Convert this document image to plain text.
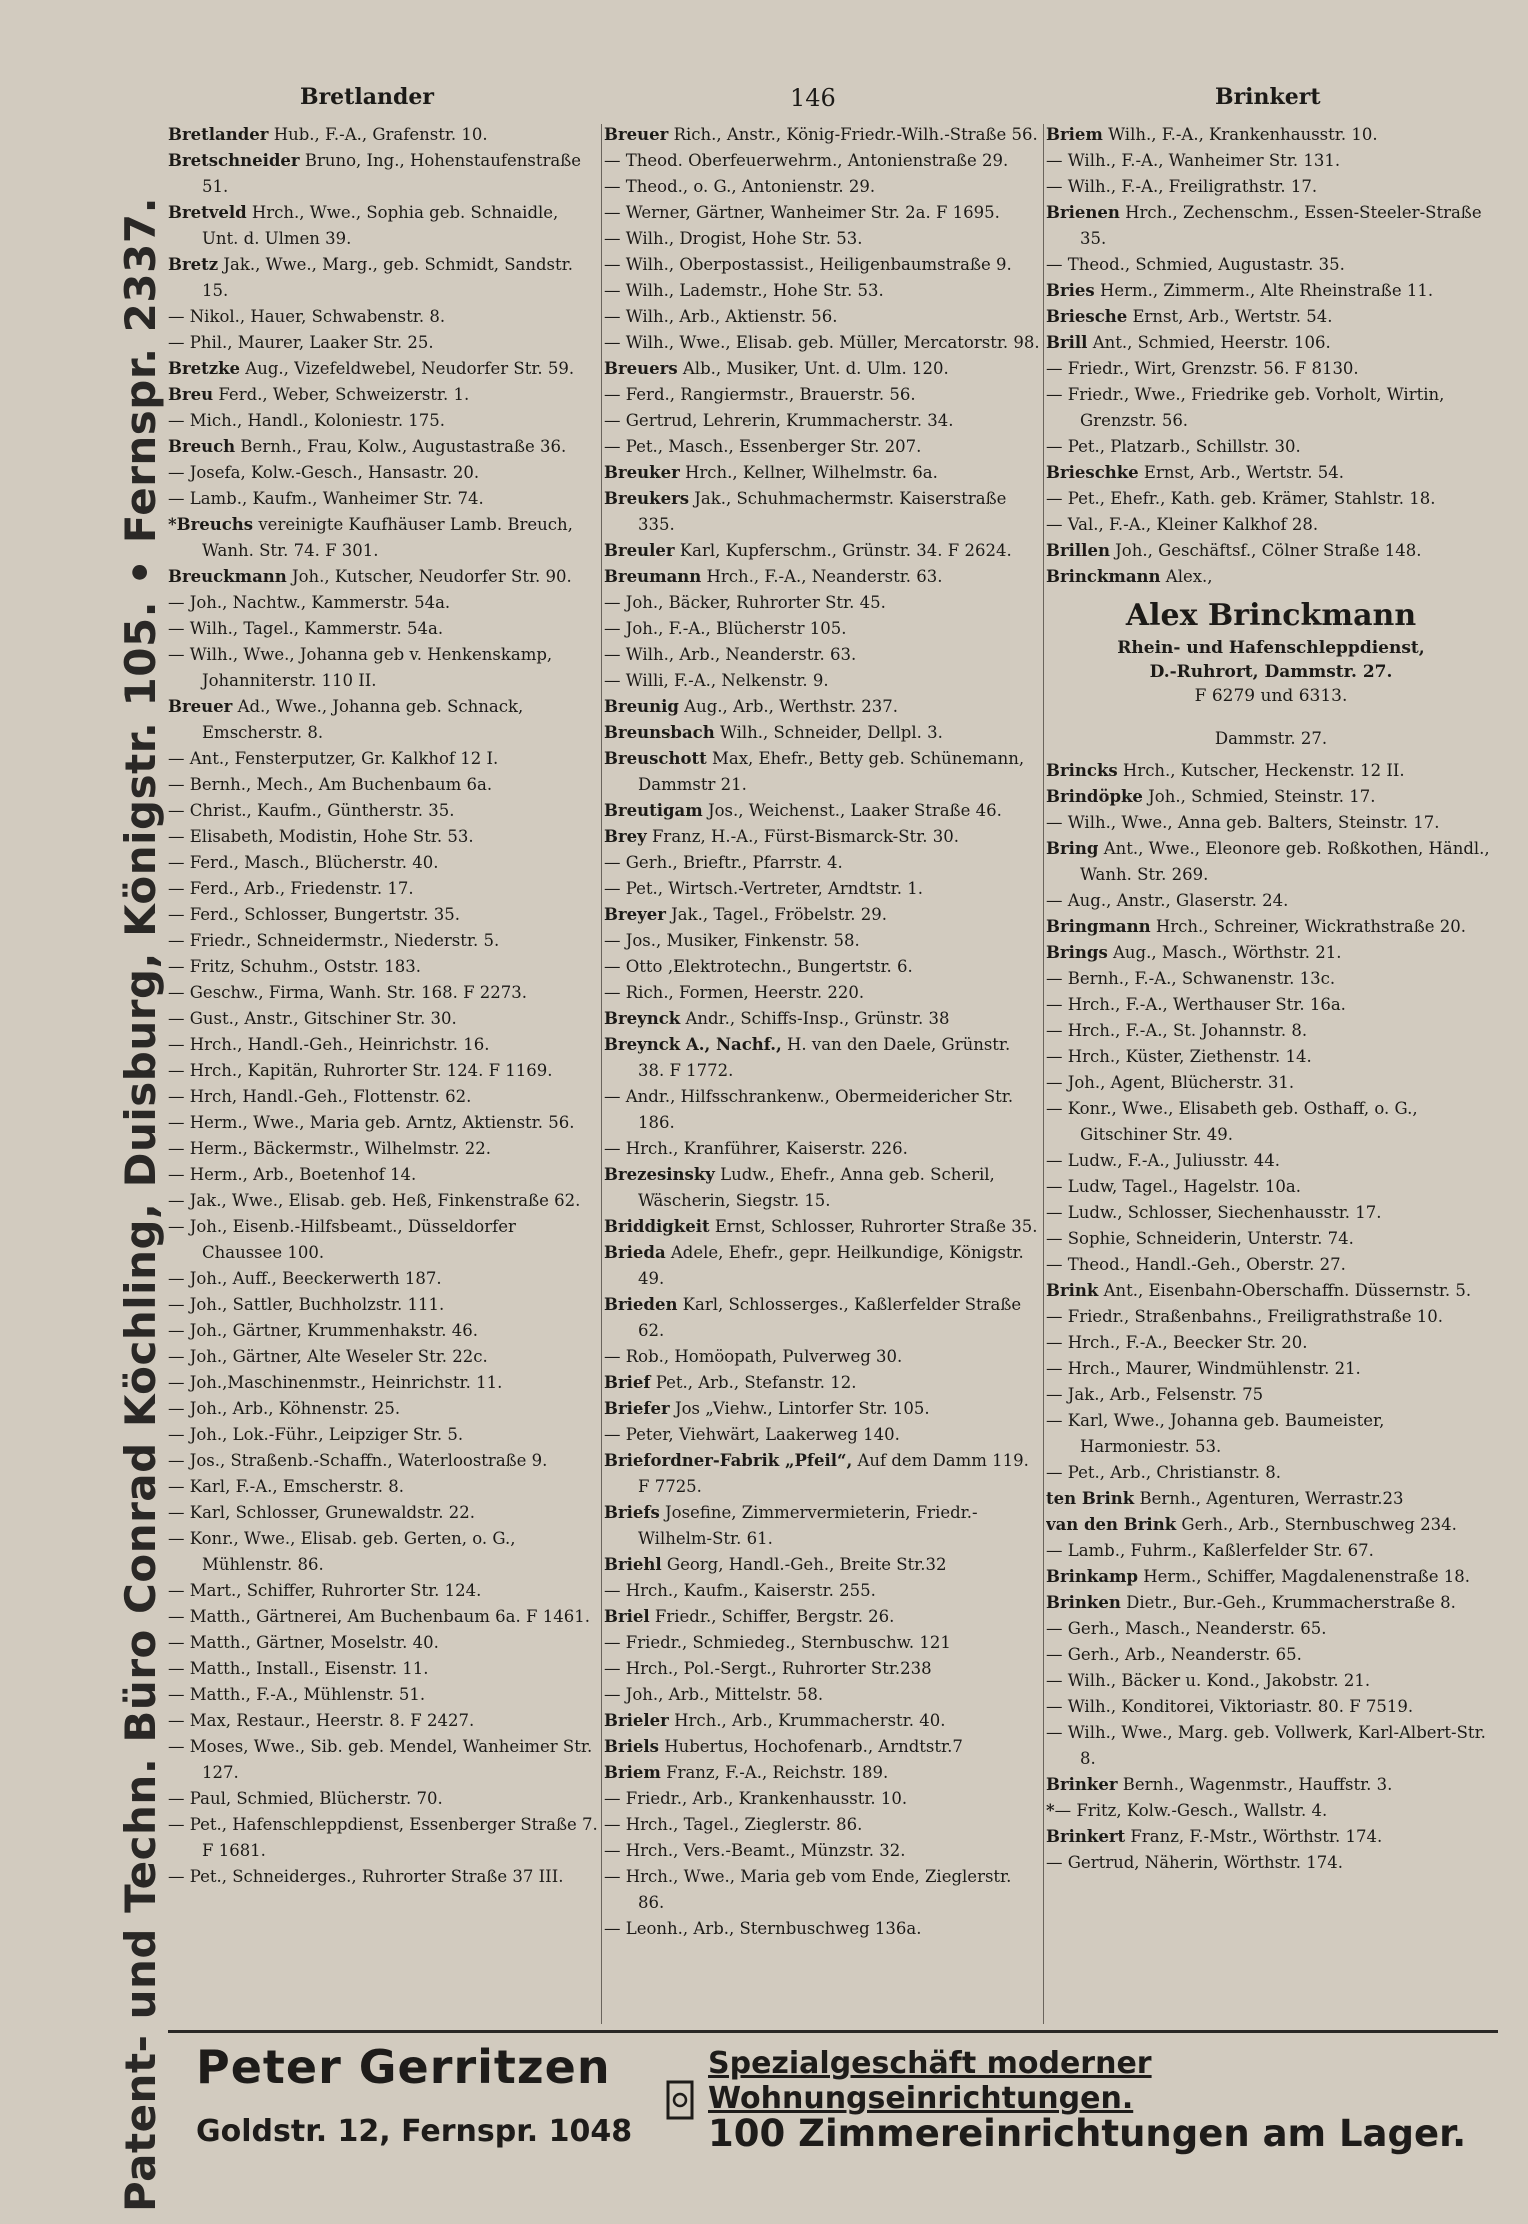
Patent- und Techn. Büro Conrad Köchling, Duisburg, Königstr. 105. • Fernspr. 2337.
Bretlander	146	Brinkert
Bretlander Hub., F.-A., Grafenstr. 10.
Bretschneider Bruno, Ing., Hohenstaufenstraße 51.
Bretveld Hrch., Wwe., Sophia geb. Schnaidle, Unt. d. Ulmen 39.
Bretz Jak., Wwe., Marg., geb. Schmidt, Sandstr. 15.
— Nikol., Hauer, Schwabenstr. 8.
— Phil., Maurer, Laaker Str. 25.
Bretzke Aug., Vizefeldwebel, Neudorfer Str. 59.
Breu Ferd., Weber, Schweizerstr. 1.
— Mich., Handl., Koloniestr. 175.
Breuch Bernh., Frau, Kolw., Augustastraße 36.
— Josefa, Kolw.-Gesch., Hansastr. 20.
— Lamb., Kaufm., Wanheimer Str. 74.
*Breuchs vereinigte Kaufhäuser Lamb. Breuch, Wanh. Str. 74. F 301.
Breuckmann Joh., Kutscher, Neudorfer Str. 90.
— Joh., Nachtw., Kammerstr. 54a.
— Wilh., Tagel., Kammerstr. 54a.
— Wilh., Wwe., Johanna geb v. Henkenskamp, Johanniterstr. 110 II.
Breuer Ad., Wwe., Johanna geb. Schnack, Emscherstr. 8.
— Ant., Fensterputzer, Gr. Kalkhof 12 I.
— Bernh., Mech., Am Buchenbaum 6a.
— Christ., Kaufm., Güntherstr. 35.
— Elisabeth, Modistin, Hohe Str. 53.
— Ferd., Masch., Blücherstr. 40.
— Ferd., Arb., Friedenstr. 17.
— Ferd., Schlosser, Bungertstr. 35.
— Friedr., Schneidermstr., Niederstr. 5.
— Fritz, Schuhm., Oststr. 183.
— Geschw., Firma, Wanh. Str. 168. F 2273.
— Gust., Anstr., Gitschiner Str. 30.
— Hrch., Handl.-Geh., Heinrichstr. 16.
— Hrch., Kapitän, Ruhrorter Str. 124. F 1169.
— Hrch, Handl.-Geh., Flottenstr. 62.
— Herm., Wwe., Maria geb. Arntz, Aktienstr. 56.
— Herm., Bäckermstr., Wilhelmstr. 22.
— Herm., Arb., Boetenhof 14.
— Jak., Wwe., Elisab. geb. Heß, Finkenstraße 62.
— Joh., Eisenb.-Hilfsbeamt., Düsseldorfer Chaussee 100.
— Joh., Auff., Beeckerwerth 187.
— Joh., Sattler, Buchholzstr. 111.
— Joh., Gärtner, Krummenhakstr. 46.
— Joh., Gärtner, Alte Weseler Str. 22c.
— Joh.,Maschinenmstr., Heinrichstr. 11.
— Joh., Arb., Köhnenstr. 25.
— Joh., Lok.-Führ., Leipziger Str. 5.
— Jos., Straßenb.-Schaffn., Waterloostraße 9.
— Karl, F.-A., Emscherstr. 8.
— Karl, Schlosser, Grunewaldstr. 22.
— Konr., Wwe., Elisab. geb. Gerten, o. G., Mühlenstr. 86.
— Mart., Schiffer, Ruhrorter Str. 124.
— Matth., Gärtnerei, Am Buchenbaum 6a. F 1461.
— Matth., Gärtner, Moselstr. 40.
— Matth., Install., Eisenstr. 11.
— Matth., F.-A., Mühlenstr. 51.
— Max, Restaur., Heerstr. 8. F 2427.
— Moses, Wwe., Sib. geb. Mendel, Wanheimer Str. 127.
— Paul, Schmied, Blücherstr. 70.
— Pet., Hafenschleppdienst, Essenberger Straße 7. F 1681.
— Pet., Schneiderges., Ruhrorter Straße 37 III.
Breuer Rich., Anstr., König-Friedr.-Wilh.-Straße 56.
— Theod. Oberfeuerwehrm., Antonienstraße 29.
— Theod., o. G., Antonienstr. 29.
— Werner, Gärtner, Wanheimer Str. 2a. F 1695.
— Wilh., Drogist, Hohe Str. 53.
— Wilh., Oberpostassist., Heiligenbaumstraße 9.
— Wilh., Lademstr., Hohe Str. 53.
— Wilh., Arb., Aktienstr. 56.
— Wilh., Wwe., Elisab. geb. Müller, Mercatorstr. 98.
Breuers Alb., Musiker, Unt. d. Ulm. 120.
— Ferd., Rangiermstr., Brauerstr. 56.
— Gertrud, Lehrerin, Krummacherstr. 34.
— Pet., Masch., Essenberger Str. 207.
Breuker Hrch., Kellner, Wilhelmstr. 6a.
Breukers Jak., Schuhmachermstr. Kaiserstraße 335.
Breuler Karl, Kupferschm., Grünstr. 34. F 2624.
Breumann Hrch., F.-A., Neanderstr. 63.
— Joh., Bäcker, Ruhrorter Str. 45.
— Joh., F.-A., Blücherstr 105.
— Wilh., Arb., Neanderstr. 63.
— Willi, F.-A., Nelkenstr. 9.
Breunig Aug., Arb., Werthstr. 237.
Breunsbach Wilh., Schneider, Dellpl. 3.
Breuschott Max, Ehefr., Betty geb. Schünemann, Dammstr 21.
Breutigam Jos., Weichenst., Laaker Straße 46.
Brey Franz, H.-A., Fürst-Bismarck-Str. 30.
— Gerh., Brieftr., Pfarrstr. 4.
— Pet., Wirtsch.-Vertreter, Arndtstr. 1.
Breyer Jak., Tagel., Fröbelstr. 29.
— Jos., Musiker, Finkenstr. 58.
— Otto ‚Elektrotechn., Bungertstr. 6.
— Rich., Formen, Heerstr. 220.
Breynck Andr., Schiffs-Insp., Grünstr. 38
Breynck A., Nachf., H. van den Daele, Grünstr. 38. F 1772.
— Andr., Hilfsschrankenw., Obermeidericher Str. 186.
— Hrch., Kranführer, Kaiserstr. 226.
Brezesinsky Ludw., Ehefr., Anna geb. Scheril, Wäscherin, Siegstr. 15.
Briddigkeit Ernst, Schlosser, Ruhrorter Straße 35.
Brieda Adele, Ehefr., gepr. Heilkundige, Königstr. 49.
Brieden Karl, Schlosserges., Kaßlerfelder Straße 62.
— Rob., Homöopath, Pulverweg 30.
Brief Pet., Arb., Stefanstr. 12.
Briefer Jos „Viehw., Lintorfer Str. 105.
— Peter, Viehwärt, Laakerweg 140.
Briefordner-Fabrik „Pfeil“, Auf dem Damm 119. F 7725.
Briefs Josefine, Zimmervermieterin, Friedr.-Wilhelm-Str. 61.
Briehl Georg, Handl.-Geh., Breite Str.32
— Hrch., Kaufm., Kaiserstr. 255.
Briel Friedr., Schiffer, Bergstr. 26.
— Friedr., Schmiedeg., Sternbuschw. 121
— Hrch., Pol.-Sergt., Ruhrorter Str.238
— Joh., Arb., Mittelstr. 58.
Brieler Hrch., Arb., Krummacherstr. 40.
Briels Hubertus, Hochofenarb., Arndtstr.7
Briem Franz, F.-A., Reichstr. 189.
— Friedr., Arb., Krankenhausstr. 10.
— Hrch., Tagel., Zieglerstr. 86.
— Hrch., Vers.-Beamt., Münzstr. 32.
— Hrch., Wwe., Maria geb vom Ende, Zieglerstr. 86.
— Leonh., Arb., Sternbuschweg 136a.
Briem Wilh., F.-A., Krankenhausstr. 10.
— Wilh., F.-A., Wanheimer Str. 131.
— Wilh., F.-A., Freiligrathstr. 17.
Brienen Hrch., Zechenschm., Essen-Steeler-Straße 35.
— Theod., Schmied, Augustastr. 35.
Bries Herm., Zimmerm., Alte Rheinstraße 11.
Briesche Ernst, Arb., Wertstr. 54.
Brill Ant., Schmied, Heerstr. 106.
— Friedr., Wirt, Grenzstr. 56. F 8130.
— Friedr., Wwe., Friedrike geb. Vorholt, Wirtin, Grenzstr. 56.
— Pet., Platzarb., Schillstr. 30.
Brieschke Ernst, Arb., Wertstr. 54.
— Pet., Ehefr., Kath. geb. Krämer, Stahlstr. 18.
— Val., F.-A., Kleiner Kalkhof 28.
Brillen Joh., Geschäftsf., Cölner Straße 148.
Brinckmann Alex.,
Alex Brinckmann
Rhein- und Hafenschleppdienst,
D.-Ruhrort, Dammstr. 27.
F 6279 und 6313.
Dammstr. 27.
Brincks Hrch., Kutscher, Heckenstr. 12 II.
Brindöpke Joh., Schmied, Steinstr. 17.
— Wilh., Wwe., Anna geb. Balters, Steinstr. 17.
Bring Ant., Wwe., Eleonore geb. Roßkothen, Händl., Wanh. Str. 269.
— Aug., Anstr., Glaserstr. 24.
Bringmann Hrch., Schreiner, Wickrathstraße 20.
Brings Aug., Masch., Wörthstr. 21.
— Bernh., F.-A., Schwanenstr. 13c.
— Hrch., F.-A., Werthauser Str. 16a.
— Hrch., F.-A., St. Johannstr. 8.
— Hrch., Küster, Ziethenstr. 14.
— Joh., Agent, Blücherstr. 31.
— Konr., Wwe., Elisabeth geb. Osthaff, o. G., Gitschiner Str. 49.
— Ludw., F.-A., Juliusstr. 44.
— Ludw, Tagel., Hagelstr. 10a.
— Ludw., Schlosser, Siechenhausstr. 17.
— Sophie, Schneiderin, Unterstr. 74.
— Theod., Handl.-Geh., Oberstr. 27.
Brink Ant., Eisenbahn-Oberschaffn. Düssernstr. 5.
— Friedr., Straßenbahns., Freiligrathstraße 10.
— Hrch., F.-A., Beecker Str. 20.
— Hrch., Maurer, Windmühlenstr. 21.
— Jak., Arb., Felsenstr. 75
— Karl, Wwe., Johanna geb. Baumeister, Harmoniestr. 53.
— Pet., Arb., Christianstr. 8.
ten Brink Bernh., Agenturen, Werrastr.23
van den Brink Gerh., Arb., Sternbuschweg 234.
— Lamb., Fuhrm., Kaßlerfelder Str. 67.
Brinkamp Herm., Schiffer, Magdalenenstraße 18.
Brinken Dietr., Bur.-Geh., Krummacherstraße 8.
— Gerh., Masch., Neanderstr. 65.
— Gerh., Arb., Neanderstr. 65.
— Wilh., Bäcker u. Kond., Jakobstr. 21.
— Wilh., Konditorei, Viktoriastr. 80. F 7519.
— Wilh., Wwe., Marg. geb. Vollwerk, Karl-Albert-Str. 8.
Brinker Bernh., Wagenmstr., Hauffstr. 3.
*— Fritz, Kolw.-Gesch., Wallstr. 4.
Brinkert Franz, F.-Mstr., Wörthstr. 174.
— Gertrud, Näherin, Wörthstr. 174.
Peter Gerritzen
Goldstr. 12, Fernspr. 1048
Spezialgeschäft moderner Wohnungseinrichtungen.
100 Zimmereinrichtungen am Lager.
